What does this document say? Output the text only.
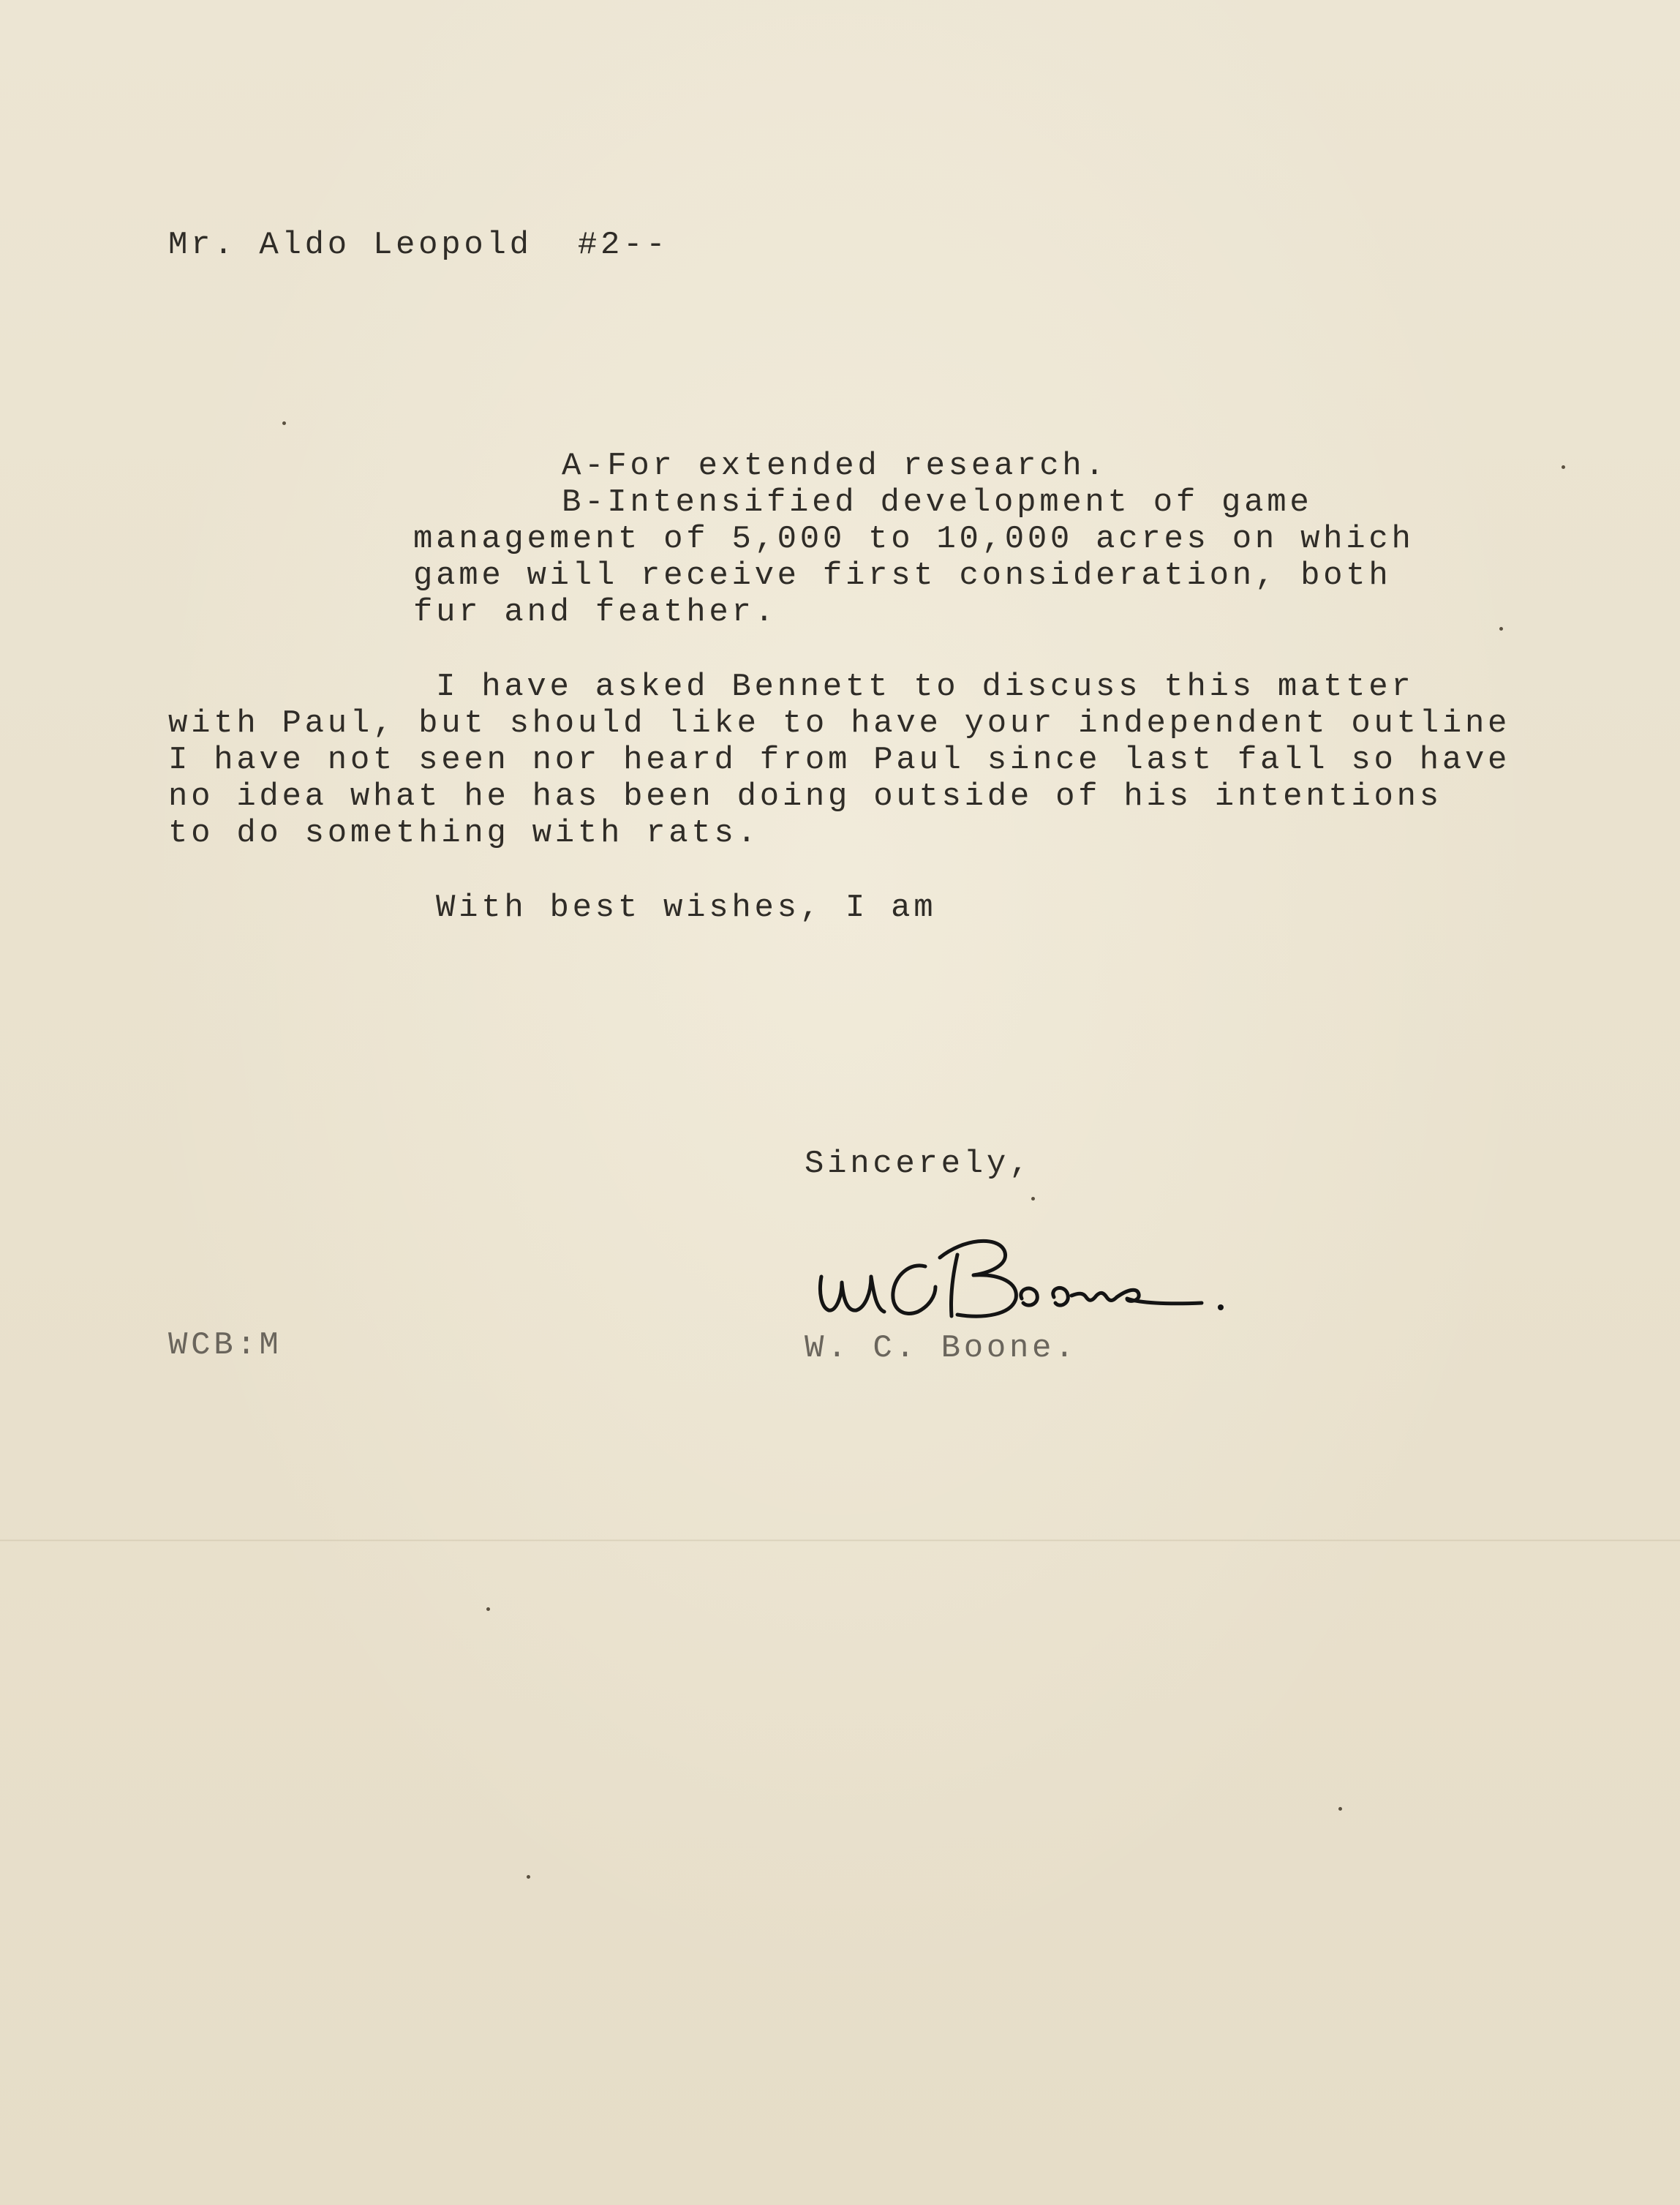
Mr. Aldo Leopold  #2--

A-For extended research.

B-Intensified development of game

management of 5,000 to 10,000 acres on which

game will receive first consideration, both

fur and feather.

I have asked Bennett to discuss this matter

with Paul, but should like to have your independent outline

I have not seen nor heard from Paul since last fall so have

no idea what he has been doing outside of his intentions

to do something with rats.

With best wishes, I am

Sincerely,

WCB:M	W. C. Boone.
